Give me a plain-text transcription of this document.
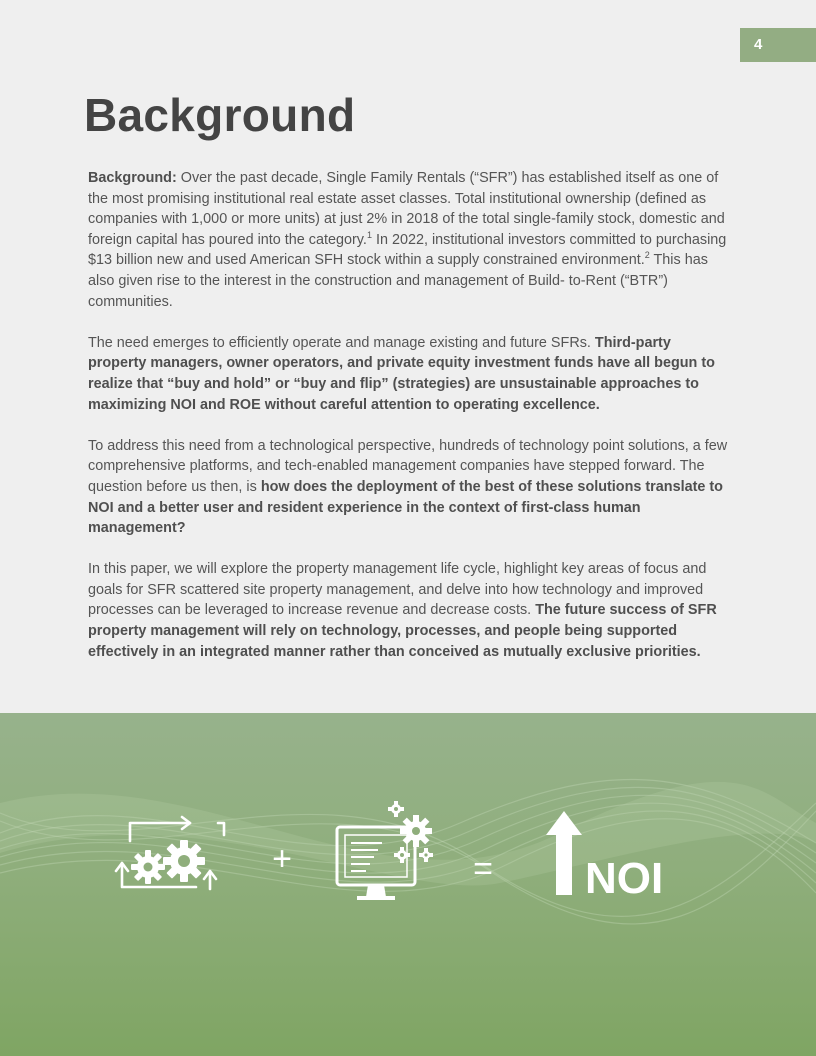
4
Background

Background: Over the past decade, Single Family Rentals (“SFR”) has established itself as one of the most promising institutional real estate asset classes. Total institutional ownership (defined as companies with 1,000 or more units) at just 2% in 2018 of the total single-family stock, domestic and foreign capital has poured into the category.$^1$ In 2022, institutional investors committed to purchasing $13 billion new and used American SFH stock within a supply constrained environment.$^2$ This has also given rise to the interest in the construction and management of Build- to-Rent (“BTR”) communities.

The need emerges to efficiently operate and manage existing and future SFRs. Third-party property managers, owner operators, and private equity investment funds have all begun to realize that “buy and hold” or “buy and flip” (strategies) are unsustainable approaches to maximizing NOI and ROE without careful attention to operating excellence.

To address this need from a technological perspective, hundreds of technology point solutions, a few comprehensive platforms, and tech-enabled management companies have stepped forward. The question before us then, is how does the deployment of the best of these solutions translate to NOI and a better user and resident experience in the context of first-class human management?

In this paper, we will explore the property management life cycle, highlight key areas of focus and goals for SFR scattered site property management, and delve into how technology and improved processes can be leveraged to increase revenue and decrease costs. The future success of SFR property management will rely on technology, processes, and people being supported effectively in an integrated manner rather than conceived as mutually exclusive priorities.

+	= NOI
